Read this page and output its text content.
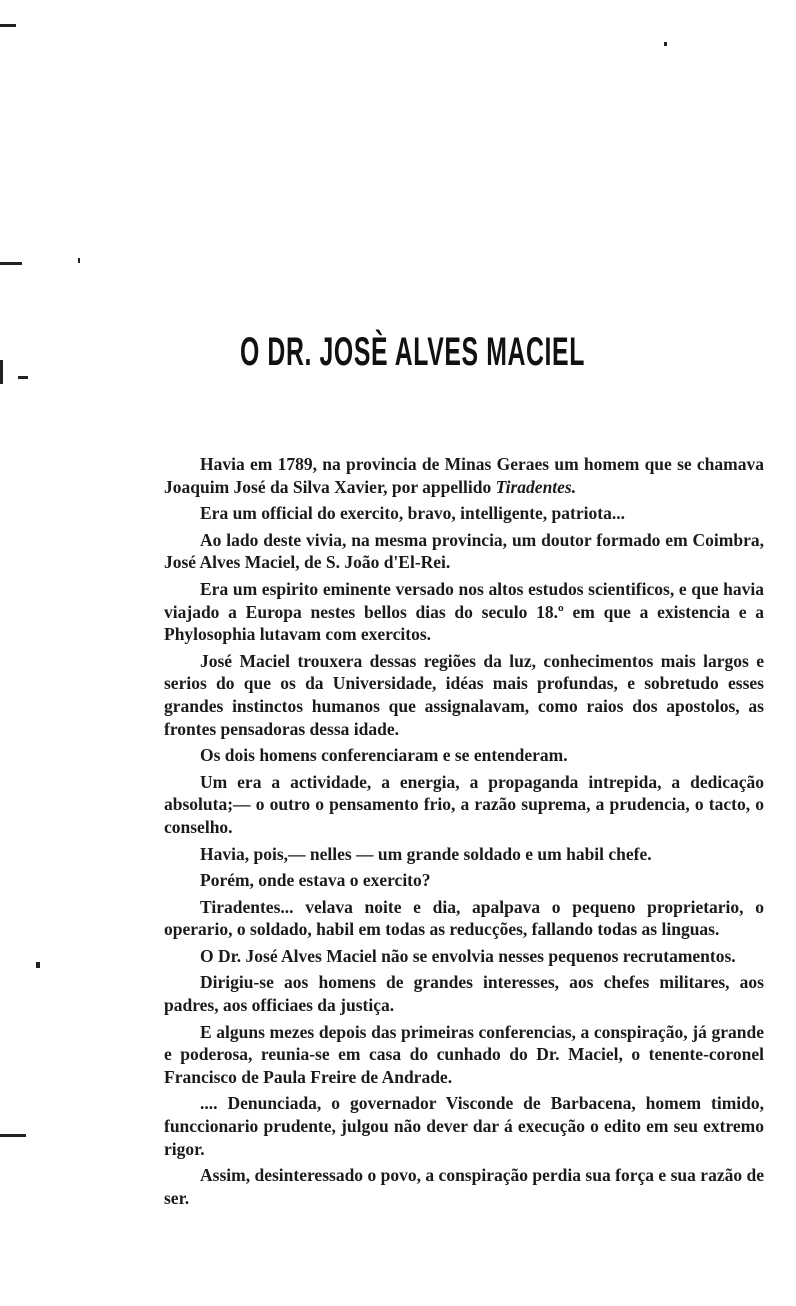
O DR. JOSÈ ALVES MACIEL

Havia em 1789, na provincia de Minas Geraes um homem que se chamava Joaquim José da Silva Xavier, por appellido Tiradentes.

Era um official do exercito, bravo, intelligente, patriota...

Ao lado deste vivia, na mesma provincia, um doutor formado em Coimbra, José Alves Maciel, de S. João d'El-Rei.

Era um espirito eminente versado nos altos estudos scientificos, e que havia viajado a Europa nestes bellos dias do seculo 18.º em que a existencia e a Phylosophia lutavam com exercitos.

José Maciel trouxera dessas regiões da luz, conhecimentos mais largos e serios do que os da Universidade, idéas mais profundas, e sobretudo esses grandes instinctos humanos que assignalavam, como raios dos apostolos, as frontes pensadoras dessa idade.

Os dois homens conferenciaram e se entenderam.

Um era a actividade, a energia, a propaganda intrepida, a dedicação absoluta;— o outro o pensamento frio, a razão suprema, a prudencia, o tacto, o conselho.

Havia, pois,— nelles — um grande soldado e um habil chefe.

Porém, onde estava o exercito?

Tiradentes... velava noite e dia, apalpava o pequeno proprietario, o operario, o soldado, habil em todas as reducções, fallando todas as linguas.

O Dr. José Alves Maciel não se envolvia nesses pequenos recrutamentos.

Dirigiu-se aos homens de grandes interesses, aos chefes militares, aos padres, aos officiaes da justiça.

E alguns mezes depois das primeiras conferencias, a conspiração, já grande e poderosa, reunia-se em casa do cunhado do Dr. Maciel, o tenente-coronel Francisco de Paula Freire de Andrade.

.... Denunciada, o governador Visconde de Barbacena, homem timido, funccionario prudente, julgou não dever dar á execução o edito em seu extremo rigor.

Assim, desinteressado o povo, a conspiração perdia sua força e sua razão de ser.
